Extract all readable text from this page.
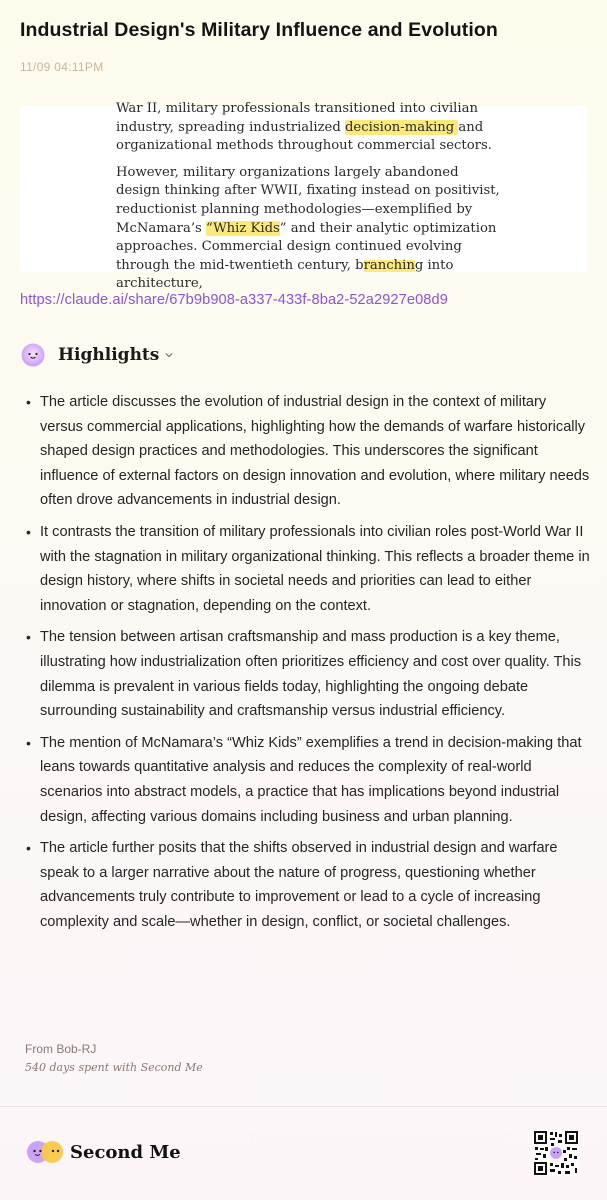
Industrial Design's Military Influence and Evolution
11/09 04:11PM

War II, military professionals transitioned into civilian industry, spreading industrialized decision-making and organizational methods throughout commercial sectors.

However, military organizations largely abandoned design thinking after WWII, fixating instead on positivist, reductionist planning methodologies—exemplified by McNamara’s “Whiz Kids” and their analytic optimization approaches. Commercial design continued evolving through the mid-twentieth century, branching into architecture,

https://claude.ai/share/67b9b908-a337-433f-8ba2-52a2927e08d9
Highlights
• The article discusses the evolution of industrial design in the context of military versus commercial applications, highlighting how the demands of warfare historically shaped design practices and methodologies. This underscores the significant influence of external factors on design innovation and evolution, where military needs often drove advancements in industrial design.
• It contrasts the transition of military professionals into civilian roles post-World War II with the stagnation in military organizational thinking. This reflects a broader theme in design history, where shifts in societal needs and priorities can lead to either innovation or stagnation, depending on the context.
• The tension between artisan craftsmanship and mass production is a key theme, illustrating how industrialization often prioritizes efficiency and cost over quality. This dilemma is prevalent in various fields today, highlighting the ongoing debate surrounding sustainability and craftsmanship versus industrial efficiency.
• The mention of McNamara’s “Whiz Kids” exemplifies a trend in decision-making that leans towards quantitative analysis and reduces the complexity of real-world scenarios into abstract models, a practice that has implications beyond industrial design, affecting various domains including business and urban planning.
• The article further posits that the shifts observed in industrial design and warfare speak to a larger narrative about the nature of progress, questioning whether advancements truly contribute to improvement or lead to a cycle of increasing complexity and scale—whether in design, conflict, or societal challenges.
From Bob-RJ
540 days spent with Second Me
Second Me
